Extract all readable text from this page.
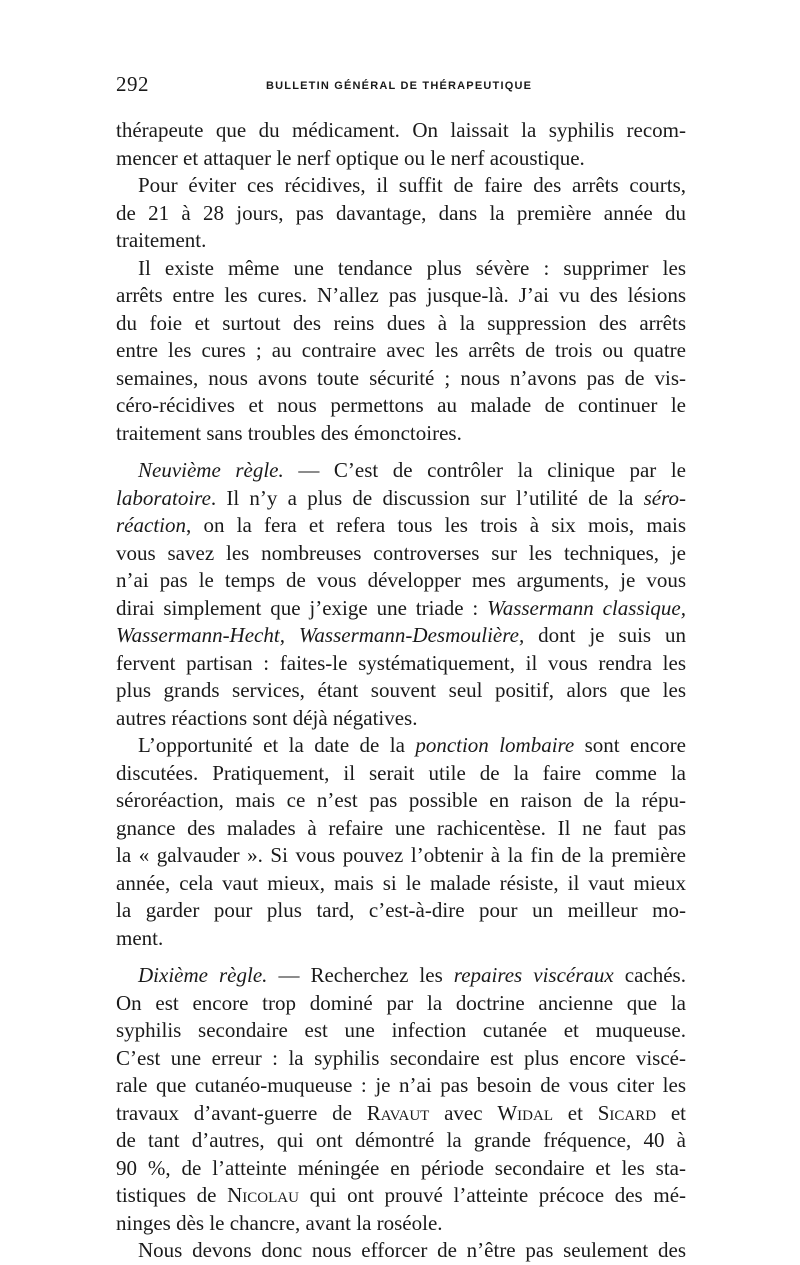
292	BULLETIN GÉNÉRAL DE THÉRAPEUTIQUE
thérapeute que du médicament. On laissait la syphilis recom-
mencer et attaquer le nerf optique ou le nerf acoustique.
Pour éviter ces récidives, il suffit de faire des arrêts courts,
de 21 à 28 jours, pas davantage, dans la première année du
traitement.
Il existe même une tendance plus sévère : supprimer les
arrêts entre les cures. N’allez pas jusque-là. J’ai vu des lésions
du foie et surtout des reins dues à la suppression des arrêts
entre les cures ; au contraire avec les arrêts de trois ou quatre
semaines, nous avons toute sécurité ; nous n’avons pas de vis-
céro-récidives et nous permettons au malade de continuer le
traitement sans troubles des émonctoires.
Neuvième règle. — C’est de contrôler la clinique par le
laboratoire. Il n’y a plus de discussion sur l’utilité de la séro-
réaction, on la fera et refera tous les trois à six mois, mais
vous savez les nombreuses controverses sur les techniques, je
n’ai pas le temps de vous développer mes arguments, je vous
dirai simplement que j’exige une triade : Wassermann classique,
Wassermann-Hecht, Wassermann-Desmoulière, dont je suis un
fervent partisan : faites-le systématiquement, il vous rendra les
plus grands services, étant souvent seul positif, alors que les
autres réactions sont déjà négatives.
L’opportunité et la date de la ponction lombaire sont encore
discutées. Pratiquement, il serait utile de la faire comme la
séroréaction, mais ce n’est pas possible en raison de la répu-
gnance des malades à refaire une rachicentèse. Il ne faut pas
la « galvauder ». Si vous pouvez l’obtenir à la fin de la première
année, cela vaut mieux, mais si le malade résiste, il vaut mieux
la garder pour plus tard, c’est-à-dire pour un meilleur mo-
ment.
Dixième règle. — Recherchez les repaires viscéraux cachés.
On est encore trop dominé par la doctrine ancienne que la
syphilis secondaire est une infection cutanée et muqueuse.
C’est une erreur : la syphilis secondaire est plus encore viscé-
rale que cutanéo-muqueuse : je n’ai pas besoin de vous citer les
travaux d’avant-guerre de Ravaut avec Widal et Sicard et
de tant d’autres, qui ont démontré la grande fréquence, 40 à
90 %, de l’atteinte méningée en période secondaire et les sta-
tistiques de Nicolau qui ont prouvé l’atteinte précoce des mé-
ninges dès le chancre, avant la roséole.
Nous devons donc nous efforcer de n’être pas seulement des
